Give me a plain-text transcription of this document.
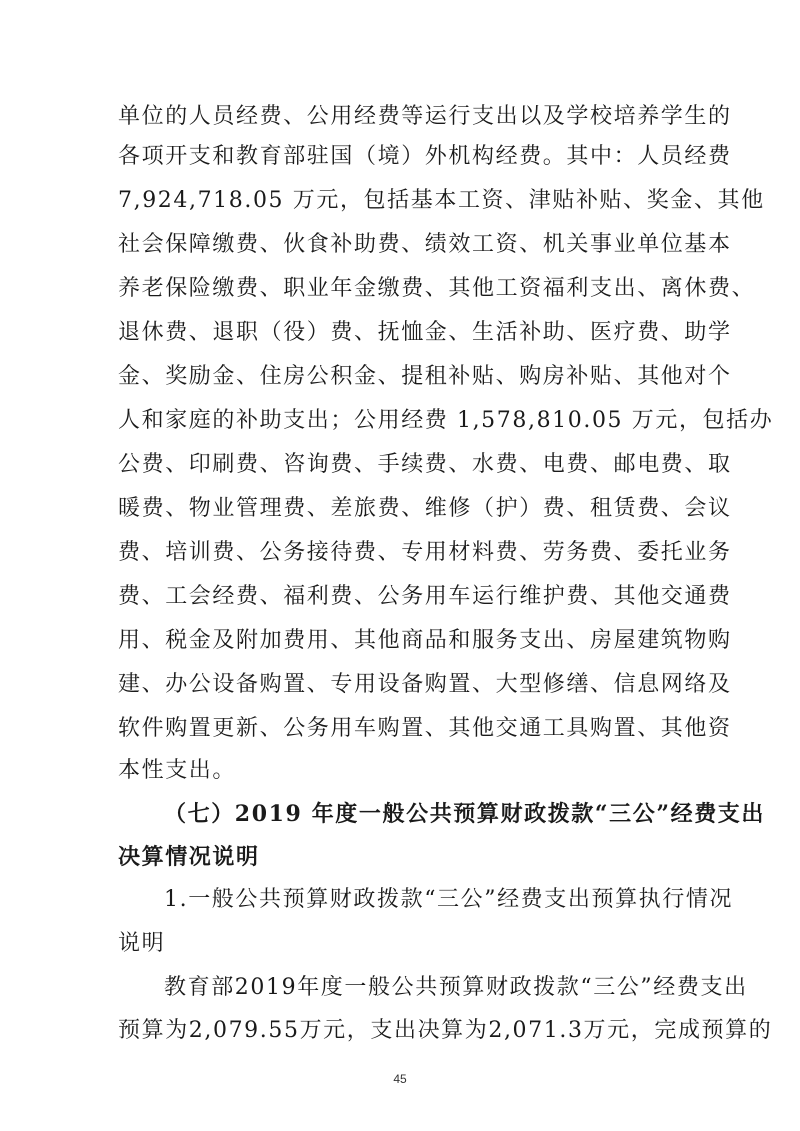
单位的人员经费、公用经费等运行支出以及学校培养学生的
各项开支和教育部驻国（境）外机构经费。其中：人员经费
7,924,718.05 万元，包括基本工资、津贴补贴、奖金、其他
社会保障缴费、伙食补助费、绩效工资、机关事业单位基本
养老保险缴费、职业年金缴费、其他工资福利支出、离休费、
退休费、退职（役）费、抚恤金、生活补助、医疗费、助学
金、奖励金、住房公积金、提租补贴、购房补贴、其他对个
人和家庭的补助支出；公用经费 1,578,810.05 万元，包括办
公费、印刷费、咨询费、手续费、水费、电费、邮电费、取
暖费、物业管理费、差旅费、维修（护）费、租赁费、会议
费、培训费、公务接待费、专用材料费、劳务费、委托业务
费、工会经费、福利费、公务用车运行维护费、其他交通费
用、税金及附加费用、其他商品和服务支出、房屋建筑物购
建、办公设备购置、专用设备购置、大型修缮、信息网络及
软件购置更新、公务用车购置、其他交通工具购置、其他资
本性支出。
（七）2019 年度一般公共预算财政拨款“三公”经费支出
决算情况说明
1.一般公共预算财政拨款“三公”经费支出预算执行情况
说明
教育部2019年度一般公共预算财政拨款“三公”经费支出
预算为2,079.55万元，支出决算为2,071.3万元，完成预算的
45
